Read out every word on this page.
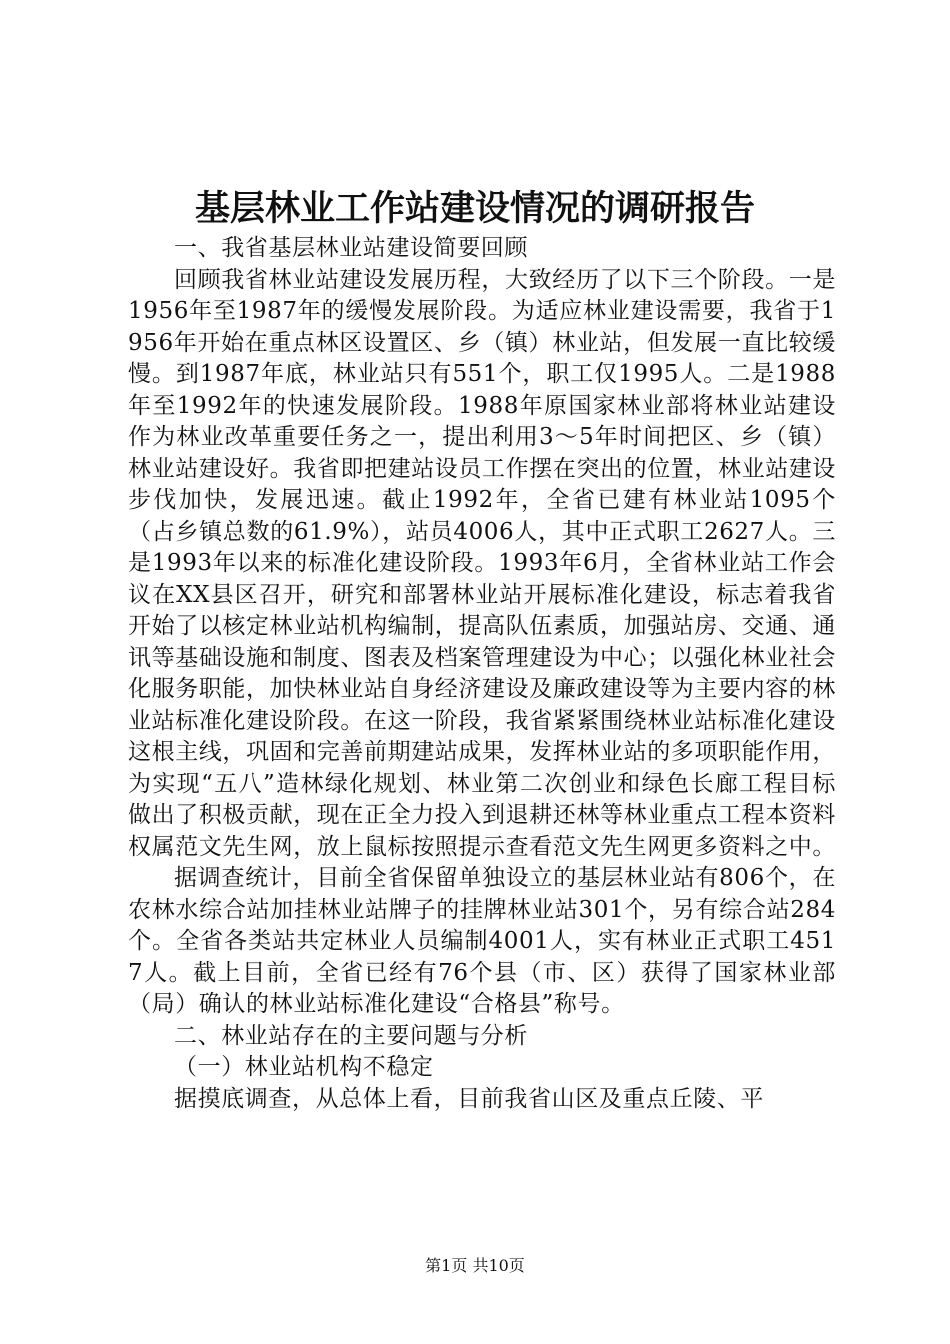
基层林业工作站建设情况的调研报告

一、我省基层林业站建设简要回顾

回顾我省林业站建设发展历程，大致经历了以下三个阶段。一是1956年至1987年的缓慢发展阶段。为适应林业建设需要，我省于1956年开始在重点林区设置区、乡（镇）林业站，但发展一直比较缓慢。到1987年底，林业站只有551个，职工仅1995人。二是1988年至1992年的快速发展阶段。1988年原国家林业部将林业站建设作为林业改革重要任务之一，提出利用3～5年时间把区、乡（镇）林业站建设好。我省即把建站设员工作摆在突出的位置，林业站建设步伐加快，发展迅速。截止1992年，全省已建有林业站1095个（占乡镇总数的61.9%），站员4006人，其中正式职工2627人。三是1993年以来的标准化建设阶段。1993年6月，全省林业站工作会议在XX县区召开，研究和部署林业站开展标准化建设，标志着我省开始了以核定林业站机构编制，提高队伍素质，加强站房、交通、通讯等基础设施和制度、图表及档案管理建设为中心；以强化林业社会化服务职能，加快林业站自身经济建设及廉政建设等为主要内容的林业站标准化建设阶段。在这一阶段，我省紧紧围绕林业站标准化建设这根主线，巩固和完善前期建站成果，发挥林业站的多项职能作用，为实现“五八”造林绿化规划、林业第二次创业和绿色长廊工程目标做出了积极贡献，现在正全力投入到退耕还林等林业重点工程本资料权属范文先生网，放上鼠标按照提示查看范文先生网更多资料之中。

据调查统计，目前全省保留单独设立的基层林业站有806个，在农林水综合站加挂林业站牌子的挂牌林业站301个，另有综合站284个。全省各类站共定林业人员编制4001人，实有林业正式职工4517人。截上目前，全省已经有76个县（市、区）获得了国家林业部（局）确认的林业站标准化建设“合格县”称号。

二、林业站存在的主要问题与分析

（一）林业站机构不稳定

据摸底调查，从总体上看，目前我省山区及重点丘陵、平

第1页 共10页
